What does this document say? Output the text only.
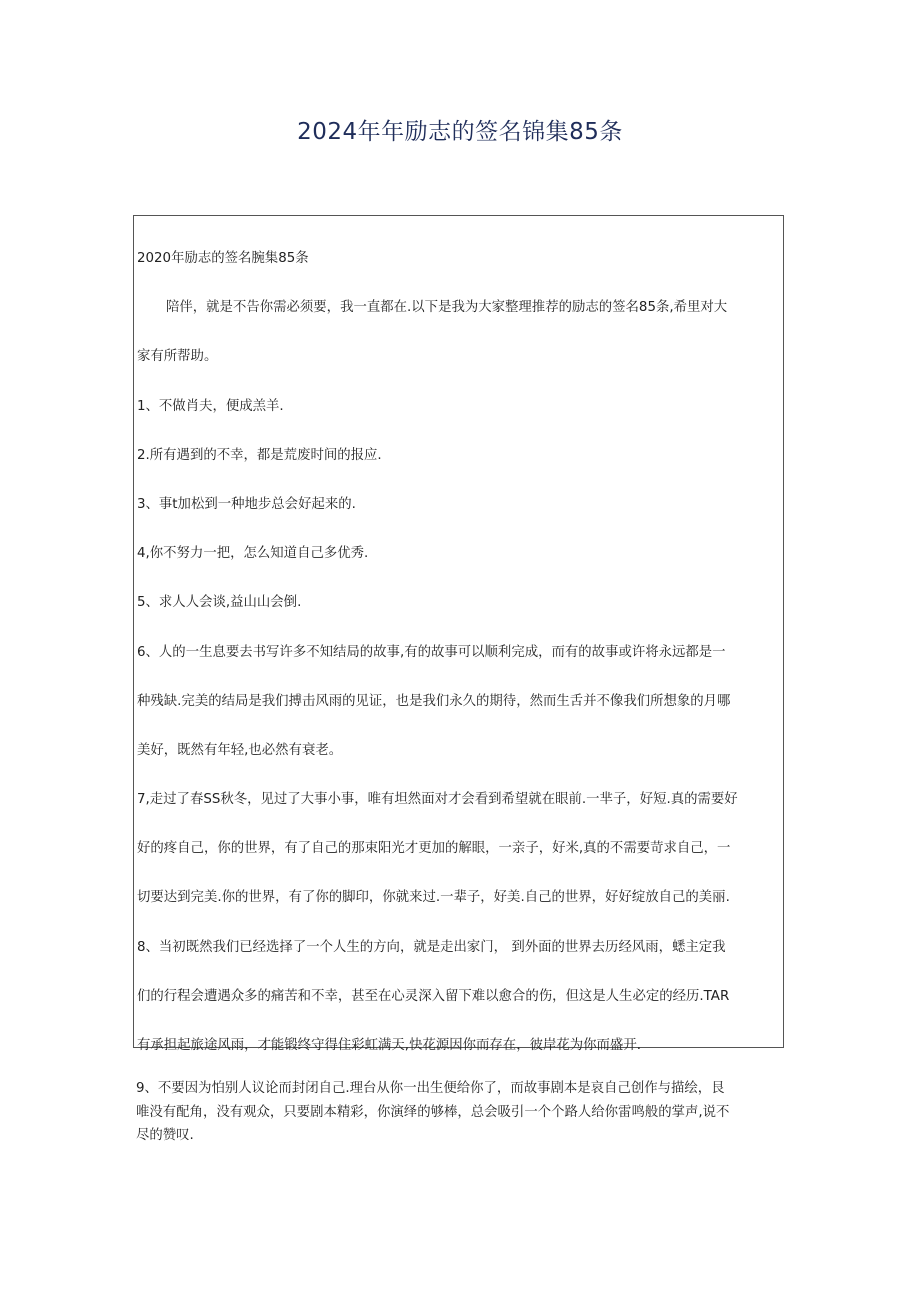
2024年年励志的签名锦集85条
2020年励志的签名腕集85条
陪伴，就是不告你需必须要，我一直都在.以下是我为大家整理推荐的励志的签名85条,希里对大
家有所帮助。
1、不做肖夫，便成羔羊.
2.所有遇到的不幸，都是荒废时间的报应.
3、事t加松到一种地步总会好起来的.
4,你不努力一把，怎么知道自己多优秀.
5、求人人会谈,益山山会倒.
6、人的一生息要去书写许多不知结局的故事,有的故事可以顺利完成，而有的故事或许将永远都是一
种残缺.完美的结局是我们搏击风雨的见证，也是我们永久的期待，然而生舌并不像我们所想象的月哪
美好，既然有年轻,也必然有衰老。
7,走过了春SS秋冬，见过了大事小事，唯有坦然面对才会看到希望就在眼前.一芈子，好短.真的需要好
好的疼自己，你的世界，有了自己的那束阳光才更加的解眼，一亲子，好米,真的不需要苛求自己，一
切要达到完美.你的世界，有了你的脚印，你就来过.一辈子，好美.自己的世界，好好绽放自己的美丽.
8、当初既然我们已经选择了一个人生的方向，就是走出家门， 到外面的世界去历经风雨，蟋主定我
们的行程会遭遇众多的痛苦和不幸，甚至在心灵深入留下难以愈合的伤，但这是人生必定的经历.TAR
有承担起旅途风雨，才能锻终守得住彩虹满天,快花源因你而存在，彼岸花为你而盛开.
9、不要因为怕别人议论而封闭自己.理台从你一出生便给你了，而故事剧本是哀自己创作与描绘，艮
唯没有配角，没有观众，只要剧本精彩，你演绎的够棒，总会吸引一个个路人给你雷鸣般的掌声,说不
尽的赞叹.
